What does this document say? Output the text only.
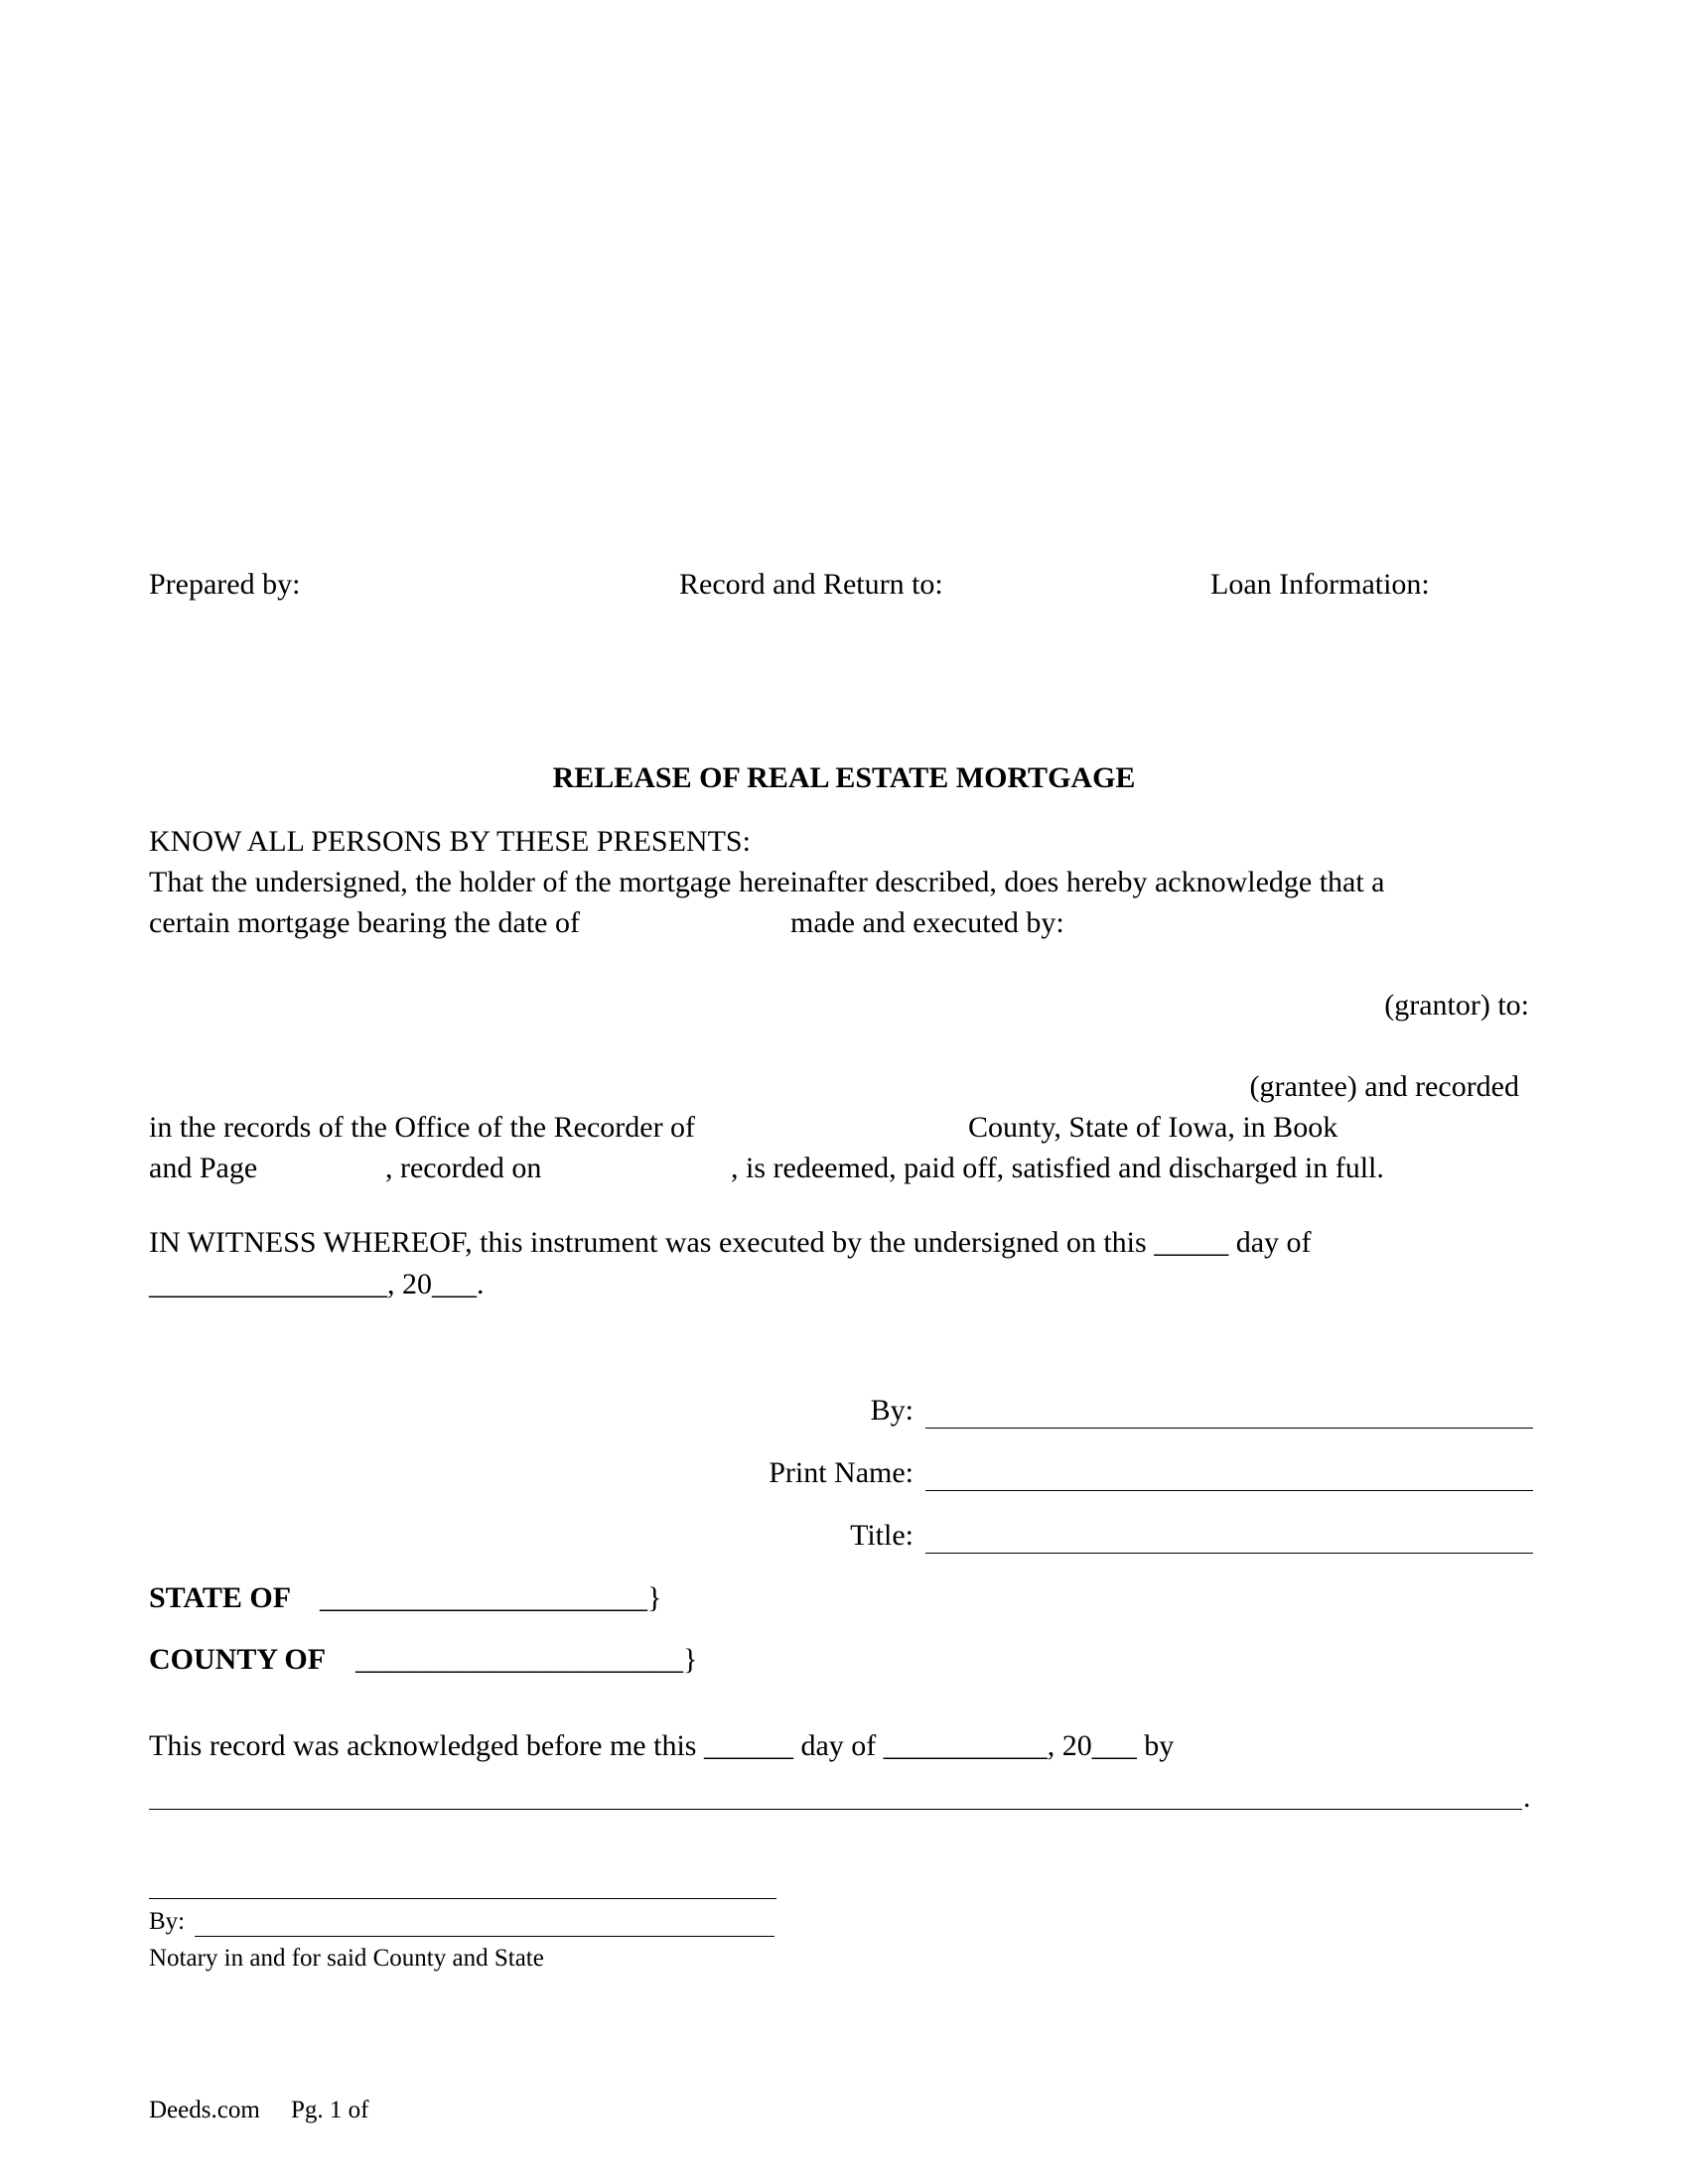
Prepared by:	Record and Return to:	Loan Information:
RELEASE OF REAL ESTATE MORTGAGE
KNOW ALL PERSONS BY THESE PRESENTS:
That the undersigned, the holder of the mortgage hereinafter described, does hereby acknowledge that a
certain mortgage bearing the date of	made and executed by:
(grantor) to:
(grantee) and recorded
in the records of the Office of the Recorder of	County, State of Iowa, in Book
and Page	, recorded on	, is redeemed, paid off, satisfied and discharged in full.
IN WITNESS WHEREOF, this instrument was executed by the undersigned on this _____ day of
________________, 20___.
By:
Print Name:
Title:
STATE OF ______________________}
COUNTY OF ______________________}
This record was acknowledged before me this ______ day of ___________, 20___ by
.
By:
Notary in and for said County and State
Deeds.com Pg. 1 of
